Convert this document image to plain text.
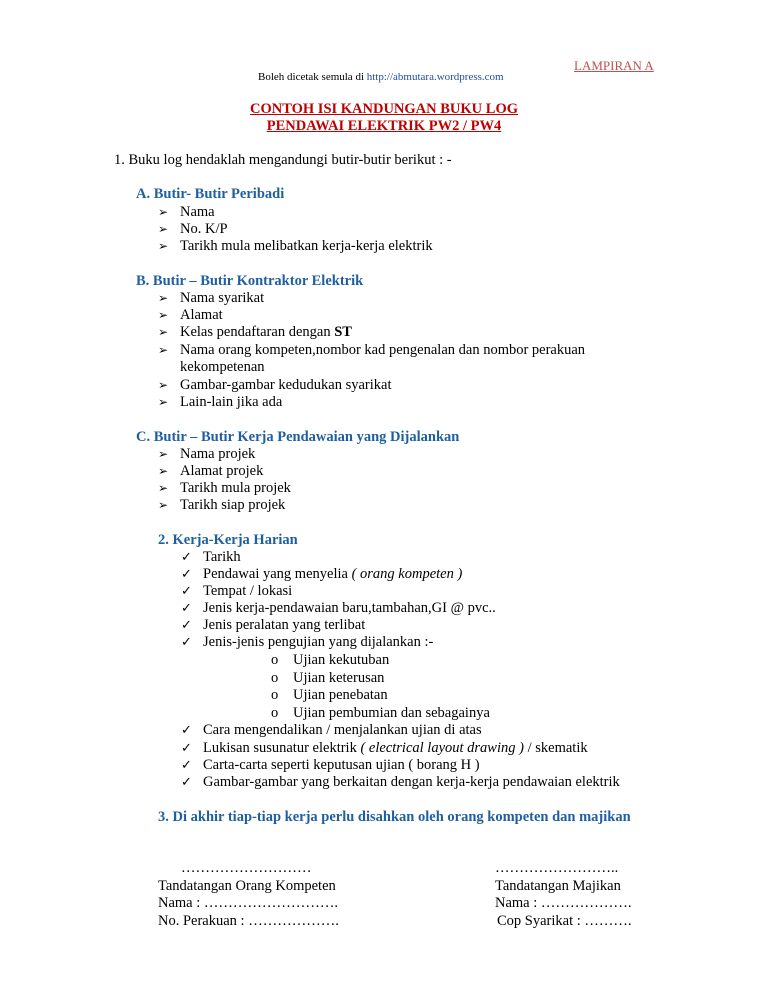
LAMPIRAN A
Boleh dicetak semula di http://abmutara.wordpress.com
CONTOH ISI KANDUNGAN BUKU LOG
PENDAWAI ELEKTRIK PW2 / PW4
1. Buku log hendaklah mengandungi butir-butir berikut : -
A. Butir- Butir Peribadi
➢ Nama
➢ No. K/P
➢ Tarikh mula melibatkan kerja-kerja elektrik
B. Butir – Butir Kontraktor Elektrik
➢ Nama syarikat
➢ Alamat
➢ Kelas pendaftaran dengan ST
➢ Nama orang kompeten,nombor kad pengenalan dan nombor perakuan
kekompetenan
➢ Gambar-gambar kedudukan syarikat
➢ Lain-lain jika ada
C. Butir – Butir Kerja Pendawaian yang Dijalankan
➢ Nama projek
➢ Alamat projek
➢ Tarikh mula projek
➢ Tarikh siap projek
2. Kerja-Kerja Harian
✓ Tarikh
✓ Pendawai yang menyelia ( orang kompeten )
✓ Tempat / lokasi
✓ Jenis kerja-pendawaian baru,tambahan,GI @ pvc..
✓ Jenis peralatan yang terlibat
✓ Jenis-jenis pengujian yang dijalankan :-
o Ujian kekutuban
o Ujian keterusan
o Ujian penebatan
o Ujian pembumian dan sebagainya
✓ Cara mengendalikan / menjalankan ujian di atas
✓ Lukisan susunatur elektrik ( electrical layout drawing ) / skematik
✓ Carta-carta seperti keputusan ujian ( borang H )
✓ Gambar-gambar yang berkaitan dengan kerja-kerja pendawaian elektrik
3. Di akhir tiap-tiap kerja perlu disahkan oleh orang kompeten dan majikan
………………………
Tandatangan Orang Kompeten
Nama : ……………………….
No. Perakuan : ……………….
……………………..
Tandatangan Majikan
Nama : ……………….
Cop Syarikat : ……….
